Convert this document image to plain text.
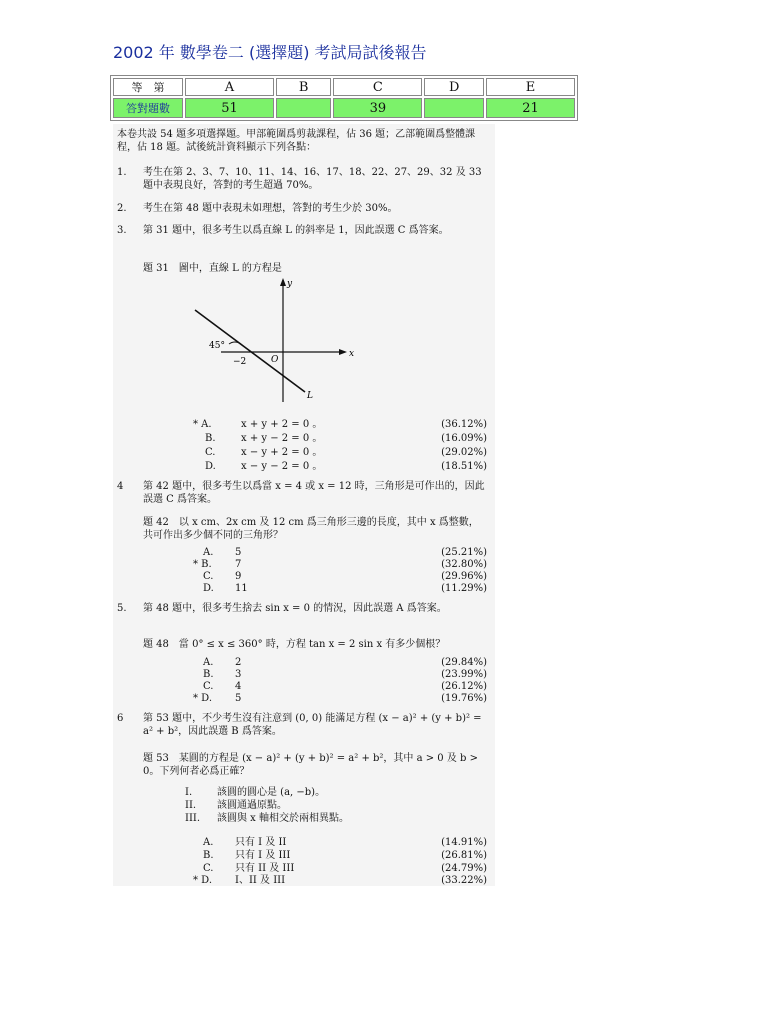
2002 年 數學卷二 (選擇題) 考試局試後報告
等　第	A	B	C	D	E
答對題數	51		39		21

本卷共設 54 題多項選擇題。甲部範圍爲剪裁課程，佔 36 題；乙部範圍爲整體課程，佔 18 題。試後統計資料顯示下列各點：

1. 考生在第 2、3、7、10、11、14、16、17、18、22、27、29、32 及 33 題中表現良好，答對的考生超過 70%。

2. 考生在第 48 題中表現未如理想，答對的考生少於 30%。

3. 第 31 題中，很多考生以爲直線 L 的斜率是 1，因此誤選 C 爲答案。

題 31　圖中，直線 L 的方程是

y
x
O
45°
−2
L
* A.	x + y + 2 = 0 。	(36.12%)
B.	x + y − 2 = 0 。	(16.09%)
C.	x − y + 2 = 0 。	(29.02%)
D.	x − y − 2 = 0 。	(18.51%)
4 第 42 題中，很多考生以爲當 x = 4 或 x = 12 時，三角形是可作出的，因此誤選 C 爲答案。

題 42　以 x cm、2x cm 及 12 cm 爲三角形三邊的長度，其中 x 爲整數，共可作出多少個不同的三角形？

A. 5	(25.21%)
* B. 7	(32.80%)
C. 9	(29.96%)
D. 11	(11.29%)
5. 第 48 題中，很多考生捨去 sin x = 0 的情況，因此誤選 A 爲答案。

題 48　當 0° ≤ x ≤ 360° 時，方程 tan x = 2 sin x 有多少個根？

A. 2	(29.84%)
B. 3	(23.99%)
C. 4	(26.12%)
* D. 5	(19.76%)
6 第 53 題中，不少考生沒有注意到 (0, 0) 能滿足方程 (x − a)² + (y + b)² = a² + b²，因此誤選 B 爲答案。

題 53　某圓的方程是 (x − a)² + (y + b)² = a² + b²，其中 a > 0 及 b > 0。下列何者必爲正確？

I. 該圓的圓心是 (a, −b)。
II. 該圓通過原點。
III. 該圓與 x 軸相交於兩相異點。
A. 只有 I 及 II	(14.91%)
B. 只有 I 及 III	(26.81%)
C. 只有 II 及 III	(24.79%)
* D. I、II 及 III	(33.22%)
